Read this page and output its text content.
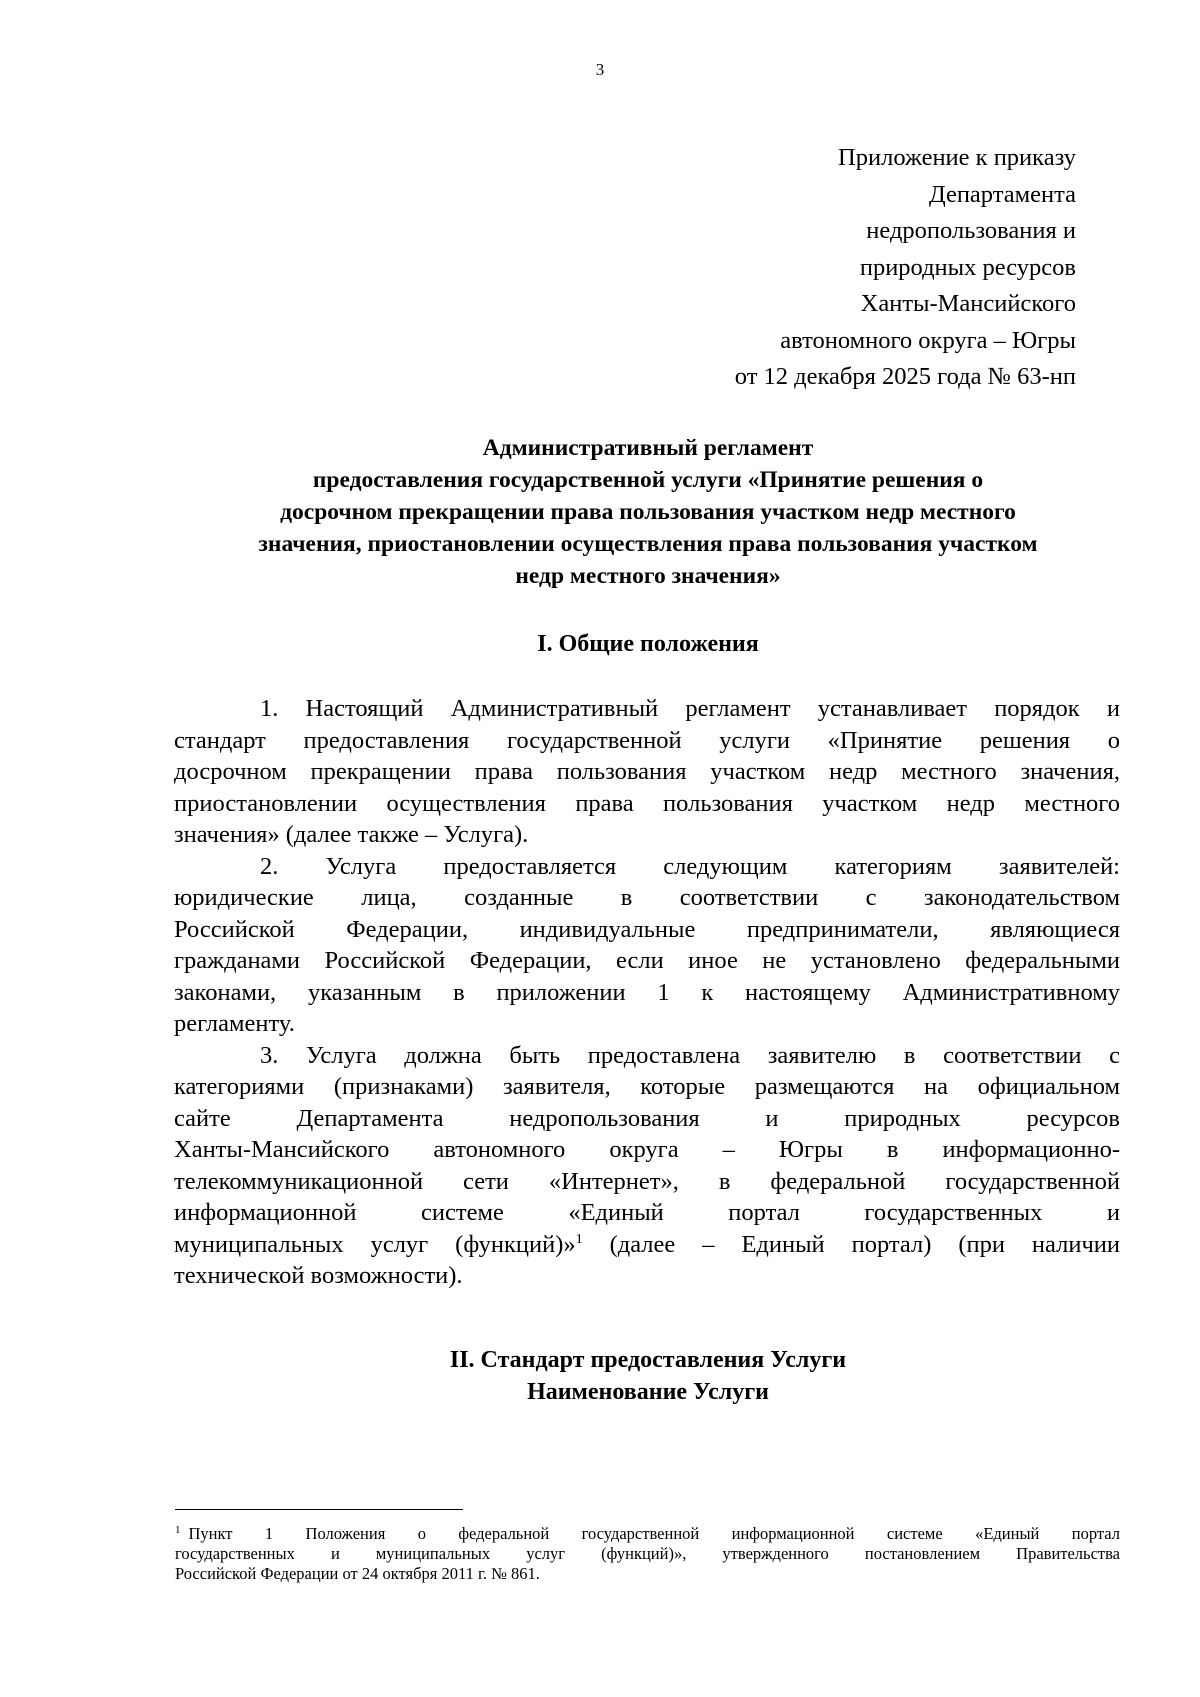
3
Приложение к приказу
Департамента
недропользования и
природных ресурсов
Ханты-Мансийского
автономного округа – Югры
от 12 декабря 2025 года № 63-нп
Административный регламент
предоставления государственной услуги «Принятие решения о
досрочном прекращении права пользования участком недр местного
значения, приостановлении осуществления права пользования участком
недр местного значения»
I. Общие положения
1. Настоящий Административный регламент устанавливает порядок и
стандарт предоставления государственной услуги «Принятие решения о
досрочном прекращении права пользования участком недр местного значения,
приостановлении осуществления права пользования участком недр местного
значения» (далее также – Услуга).
2. Услуга предоставляется следующим категориям заявителей:
юридические лица, созданные в соответствии с законодательством
Российской Федерации, индивидуальные предприниматели, являющиеся
гражданами Российской Федерации, если иное не установлено федеральными
законами, указанным в приложении 1 к настоящему Административному
регламенту.
3. Услуга должна быть предоставлена заявителю в соответствии с
категориями (признаками) заявителя, которые размещаются на официальном
сайте Департамента недропользования и природных ресурсов
Ханты-Мансийского автономного округа – Югры в информационно-
телекоммуникационной сети «Интернет», в федеральной государственной
информационной системе «Единый портал государственных и
муниципальных услуг (функций)»$^1$ (далее – Единый портал) (при наличии
технической возможности).
II. Стандарт предоставления Услуги
Наименование Услуги
$^1$ Пункт 1 Положения о федеральной государственной информационной системе «Единый портал
государственных и муниципальных услуг (функций)», утвержденного постановлением Правительства
Российской Федерации от 24 октября 2011 г. № 861.
